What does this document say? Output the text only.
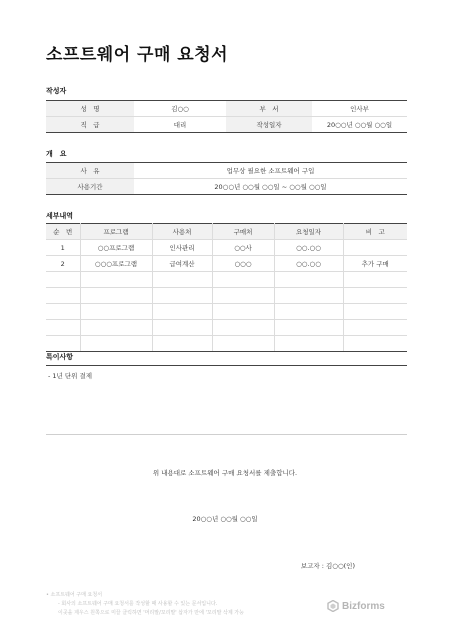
소프트웨어 구매 요청서
작성자
성　명	김○○	부　서	인사부
직　급	대리	작성일자	20○○년 ○○월 ○○일
개　요
사　유	업무상 필요한 소프트웨어 구입
사용기간	20○○년 ○○월 ○○일 ~ ○○월 ○○일
세부내역
순　번	프로그램	사용처	구매처	요청일자	비　고
1	○○프로그램	인사관리	○○사	○○.○○	
2	○○○프로그램	급여계산	○○○	○○.○○	추가 구매

특이사항
- 1년 단위 결제
위 내용대로 소프트웨어 구매 요청서를 제출합니다.
20○○년 ○○월 ○○일
보고자 : 김○○(인)
• 소프트웨어 구매 요청서
- 회사의 소프트웨어 구매 요청서를 작성할 때 사용할 수 있는 문서입니다.
이곳을 제우스 원쪽으로 미끌 클릭하면 '머리말/꼬리말' 삽자가 만에 '꼬리말 삭제 가능
Bizforms
